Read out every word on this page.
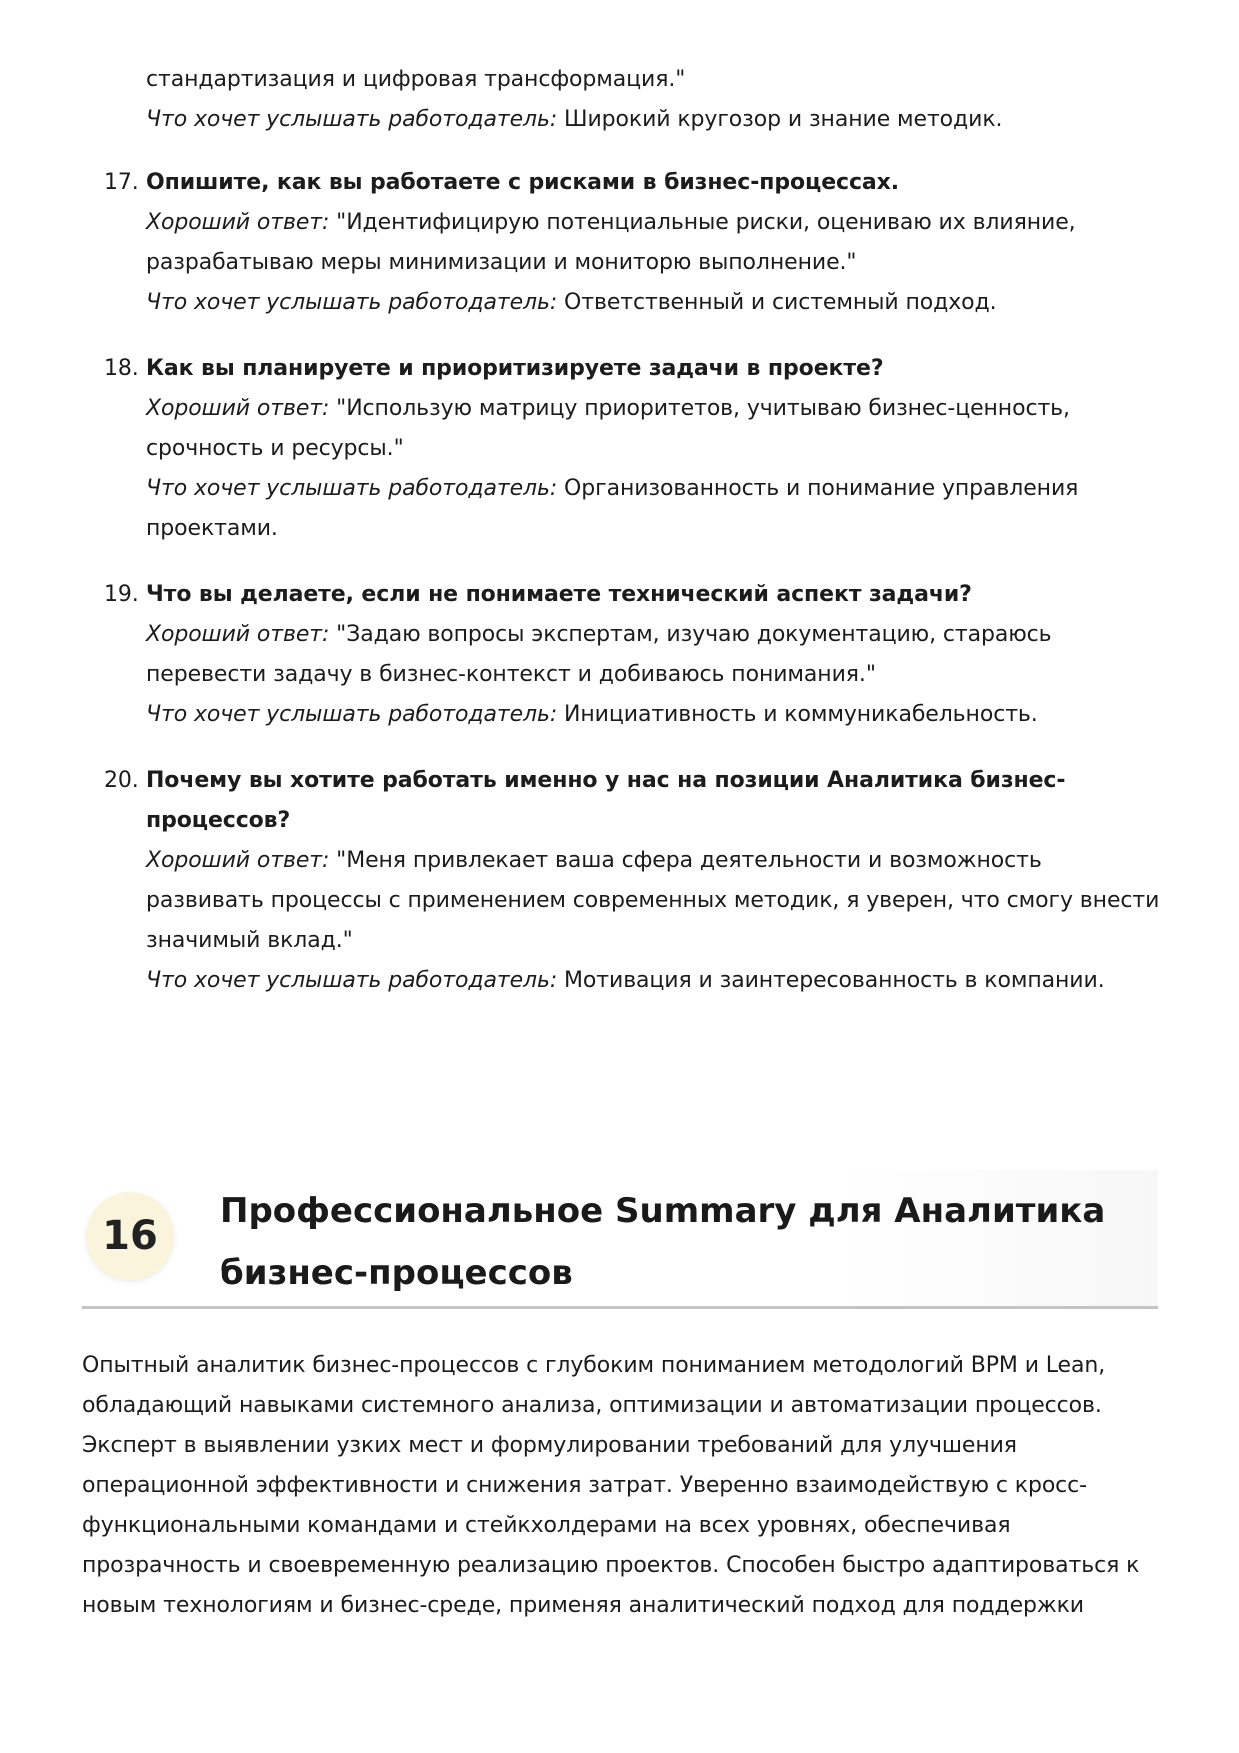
стандартизация и цифровая трансформация."
Что хочет услышать работодатель: Широкий кругозор и знание методик.
17. Опишите, как вы работаете с рисками в бизнес-процессах.
Хороший ответ: "Идентифицирую потенциальные риски, оцениваю их влияние,
разрабатываю меры минимизации и мониторю выполнение."
Что хочет услышать работодатель: Ответственный и системный подход.
18. Как вы планируете и приоритизируете задачи в проекте?
Хороший ответ: "Использую матрицу приоритетов, учитываю бизнес-ценность,
срочность и ресурсы."
Что хочет услышать работодатель: Организованность и понимание управления
проектами.
19. Что вы делаете, если не понимаете технический аспект задачи?
Хороший ответ: "Задаю вопросы экспертам, изучаю документацию, стараюсь
перевести задачу в бизнес-контекст и добиваюсь понимания."
Что хочет услышать работодатель: Инициативность и коммуникабельность.
20. Почему вы хотите работать именно у нас на позиции Аналитика бизнес-
процессов?
Хороший ответ: "Меня привлекает ваша сфера деятельности и возможность
развивать процессы с применением современных методик, я уверен, что смогу внести
значимый вклад."
Что хочет услышать работодатель: Мотивация и заинтересованность в компании.
16
Профессиональное Summary для Аналитика
бизнес-процессов
Опытный аналитик бизнес-процессов с глубоким пониманием методологий BPM и Lean,
обладающий навыками системного анализа, оптимизации и автоматизации процессов.
Эксперт в выявлении узких мест и формулировании требований для улучшения
операционной эффективности и снижения затрат. Уверенно взаимодействую с кросс-
функциональными командами и стейкхолдерами на всех уровнях, обеспечивая
прозрачность и своевременную реализацию проектов. Способен быстро адаптироваться к
новым технологиям и бизнес-среде, применяя аналитический подход для поддержки
